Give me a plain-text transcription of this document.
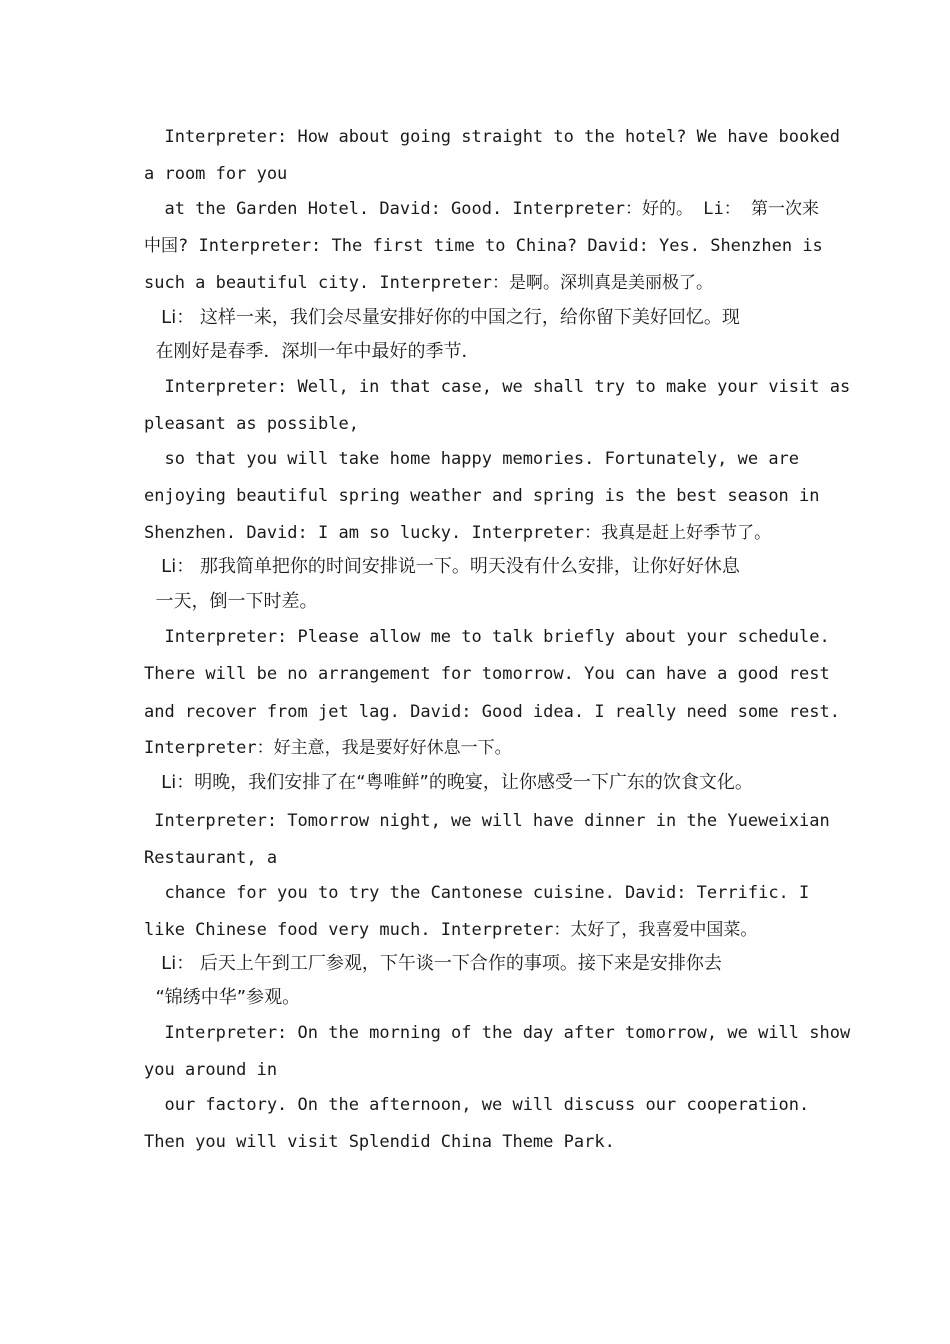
Interpreter: How about going straight to the hotel? We have booked
a room for you
at the Garden Hotel. David: Good. Interpreter：好的。 Li： 第一次来
中国? Interpreter: The first time to China? David: Yes. Shenzhen is
such a beautiful city. Interpreter：是啊。深圳真是美丽极了。
Li： 这样一来，我们会尽量安排好你的中国之行，给你留下美好回忆。现
在刚好是春季．深圳一年中最好的季节．
Interpreter: Well, in that case, we shall try to make your visit as
pleasant as possible,
so that you will take home happy memories. Fortunately, we are
enjoying beautiful spring weather and spring is the best season in
Shenzhen. David: I am so lucky. Interpreter：我真是赶上好季节了。
Li： 那我简单把你的时间安排说一下。明天没有什么安排，让你好好休息
一天，倒一下时差。
Interpreter: Please allow me to talk briefly about your schedule.
There will be no arrangement for tomorrow. You can have a good rest
and recover from jet lag. David: Good idea. I really need some rest.
Interpreter：好主意，我是要好好休息一下。
Li：明晚，我们安排了在“粤唯鲜”的晚宴，让你感受一下广东的饮食文化。
Interpreter: Tomorrow night, we will have dinner in the Yueweixian
Restaurant, a
chance for you to try the Cantonese cuisine. David: Terrific. I
like Chinese food very much. Interpreter：太好了，我喜爱中国菜。
Li： 后天上午到工厂参观，下午谈一下合作的事项。接下来是安排你去
“锦绣中华”参观。
Interpreter: On the morning of the day after tomorrow, we will show
you around in
our factory. On the afternoon, we will discuss our cooperation.
Then you will visit Splendid China Theme Park.
